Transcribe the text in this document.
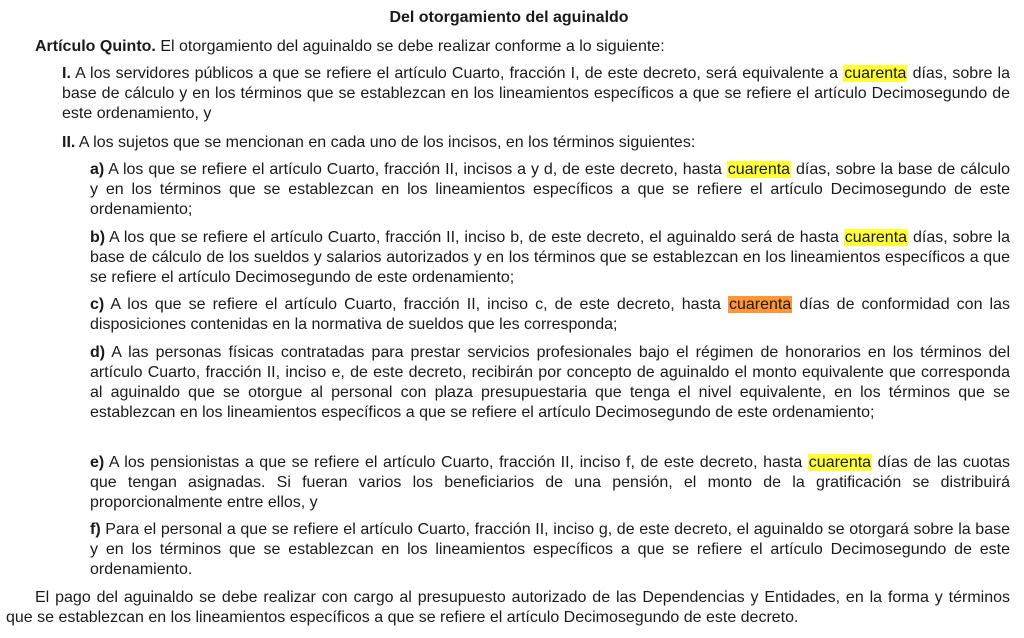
Del otorgamiento del aguinaldo
Artículo Quinto. El otorgamiento del aguinaldo se debe realizar conforme a lo siguiente:
I. A los servidores públicos a que se refiere el artículo Cuarto, fracción I, de este decreto, será equivalente a cuarenta días, sobre la base de cálculo y en los términos que se establezcan en los lineamientos específicos a que se refiere el artículo Decimosegundo de este ordenamiento, y
II. A los sujetos que se mencionan en cada uno de los incisos, en los términos siguientes:
a) A los que se refiere el artículo Cuarto, fracción II, incisos a y d, de este decreto, hasta cuarenta días, sobre la base de cálculo y en los términos que se establezcan en los lineamientos específicos a que se refiere el artículo Decimosegundo de este ordenamiento;
b) A los que se refiere el artículo Cuarto, fracción II, inciso b, de este decreto, el aguinaldo será de hasta cuarenta días, sobre la base de cálculo de los sueldos y salarios autorizados y en los términos que se establezcan en los lineamientos específicos a que se refiere el artículo Decimosegundo de este ordenamiento;
c) A los que se refiere el artículo Cuarto, fracción II, inciso c, de este decreto, hasta cuarenta días de conformidad con las disposiciones contenidas en la normativa de sueldos que les corresponda;
d) A las personas físicas contratadas para prestar servicios profesionales bajo el régimen de honorarios en los términos del artículo Cuarto, fracción II, inciso e, de este decreto, recibirán por concepto de aguinaldo el monto equivalente que corresponda al aguinaldo que se otorgue al personal con plaza presupuestaria que tenga el nivel equivalente, en los términos que se establezcan en los lineamientos específicos a que se refiere el artículo Decimosegundo de este ordenamiento;
e) A los pensionistas a que se refiere el artículo Cuarto, fracción II, inciso f, de este decreto, hasta cuarenta días de las cuotas que tengan asignadas. Si fueran varios los beneficiarios de una pensión, el monto de la gratificación se distribuirá proporcionalmente entre ellos, y
f) Para el personal a que se refiere el artículo Cuarto, fracción II, inciso g, de este decreto, el aguinaldo se otorgará sobre la base y en los términos que se establezcan en los lineamientos específicos a que se refiere el artículo Decimosegundo de este ordenamiento.
El pago del aguinaldo se debe realizar con cargo al presupuesto autorizado de las Dependencias y Entidades, en la forma y términos que se establezcan en los lineamientos específicos a que se refiere el artículo Decimosegundo de este decreto.
